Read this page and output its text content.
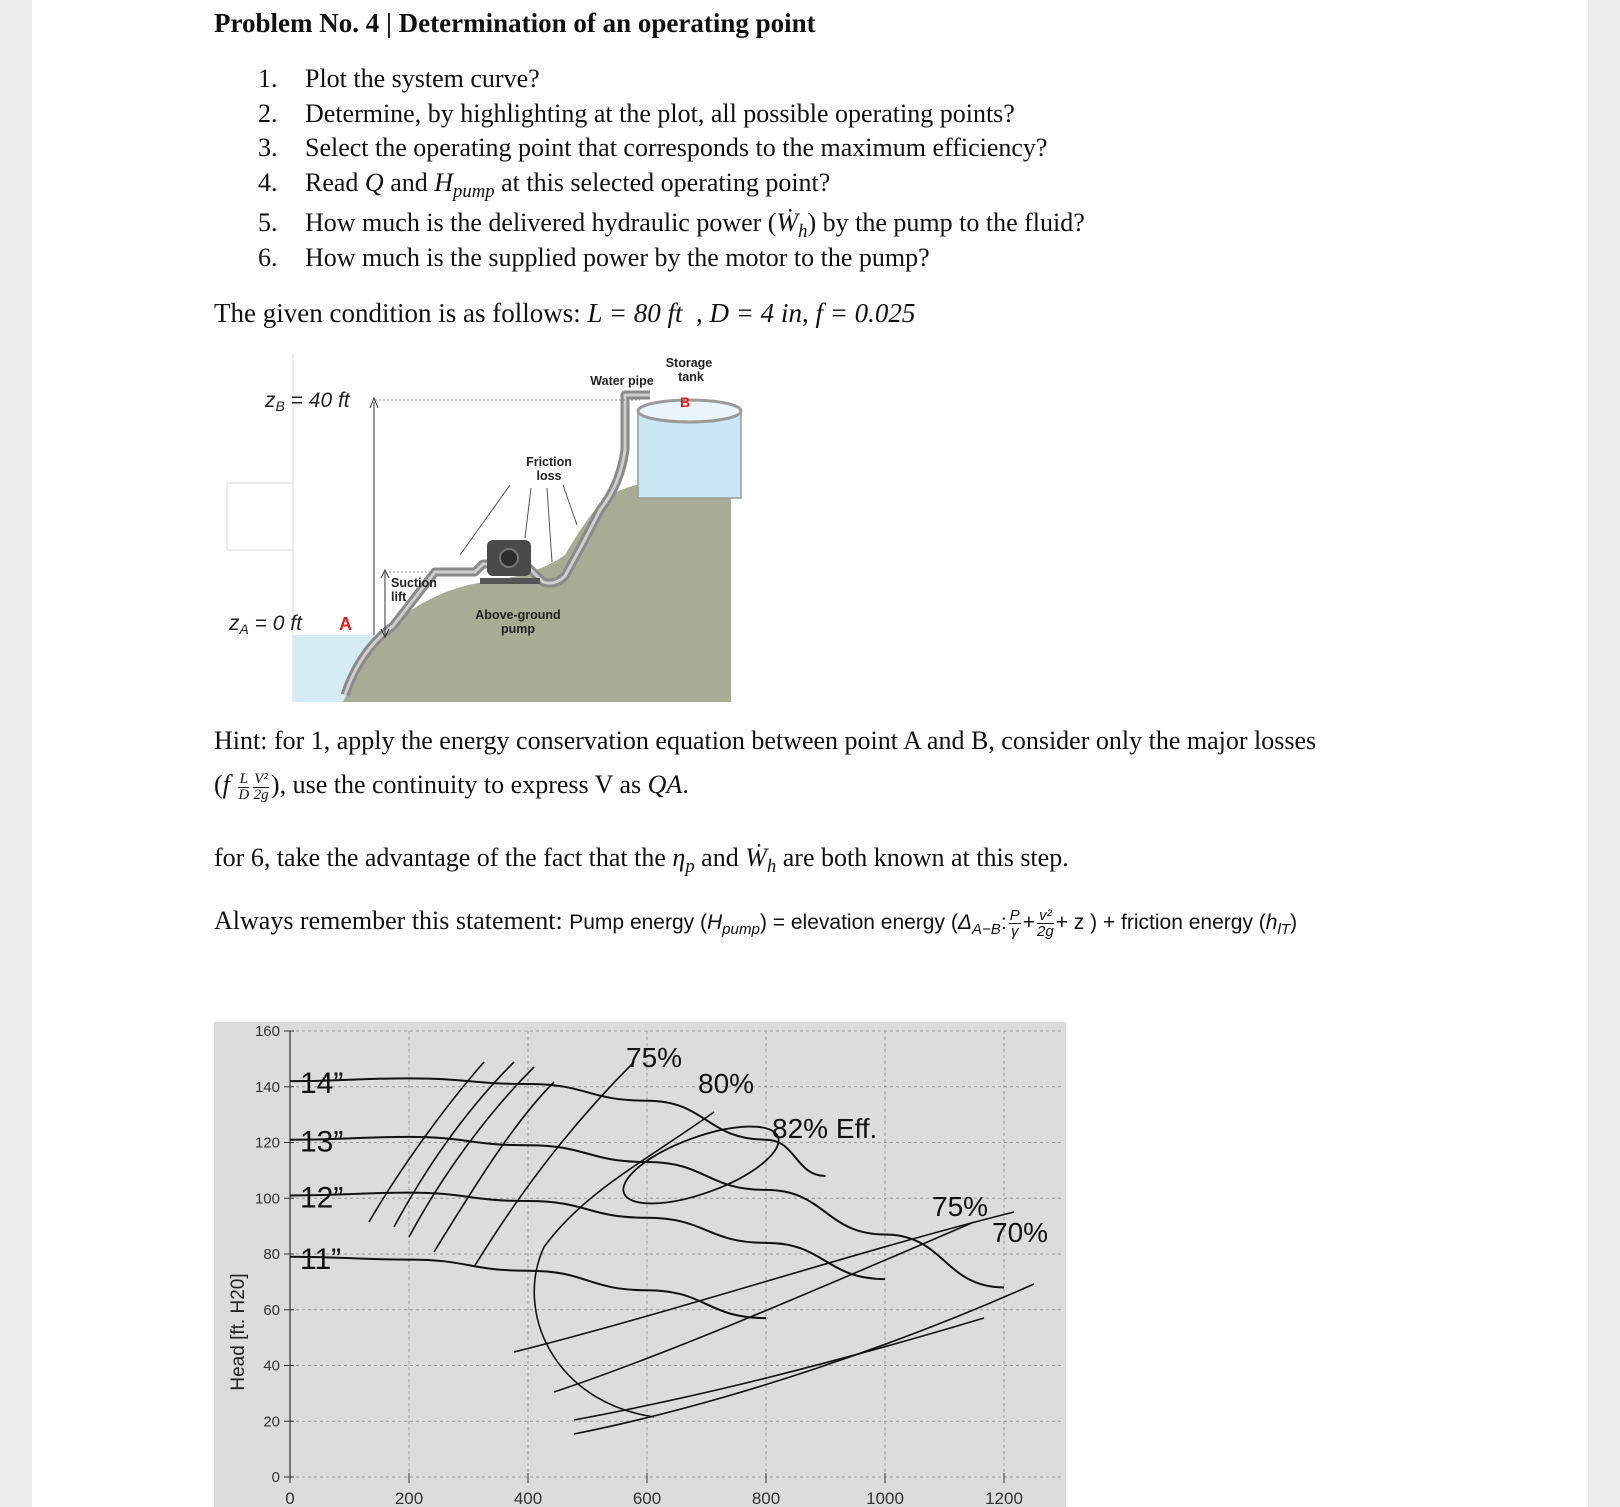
Problem No. 4 | Determination of an operating point
1. Plot the system curve?
2. Determine, by highlighting at the plot, all possible operating points?
3. Select the operating point that corresponds to the maximum efficiency?
4. Read Q and $H_{pump}$ at this selected operating point?
5. How much is the delivered hydraulic power (Ẇ$_h$) by the pump to the fluid?
6. How much is the supplied power by the motor to the pump?
The given condition is as follows: L = 80 ft  , D = 4 in, f = 0.025
zB = 40 ft
zA = 0 ft A
B
Storage
tank
Water pipe
Friction
loss
Suction
lift
Above-ground
pump
Hint: for 1, apply the energy conservation equation between point A and B, consider only the major losses
($f \frac{L}{D} \frac{\text{V²}}{2g}$ ), use the continuity to express V as QA.
for 6, take the advantage of the fact that the $\eta_p$ and Ẇ$_h$ are both known at this step.
Always remember this statement: Pump energy $(H_{pump})$ = elevation energy ($\Delta_{A-B}$: $\frac{P}{\gamma} + \frac{\text{v²}}{2g} + z$ ) + friction energy $(h_{lT})$
0
20
40
60
80
100
120
140
160
0	200	400	600	800	1000	1200
Head [ft. H20]
14”
13”
12”
11”
75%
80%
82% Eff.
75%
70%
